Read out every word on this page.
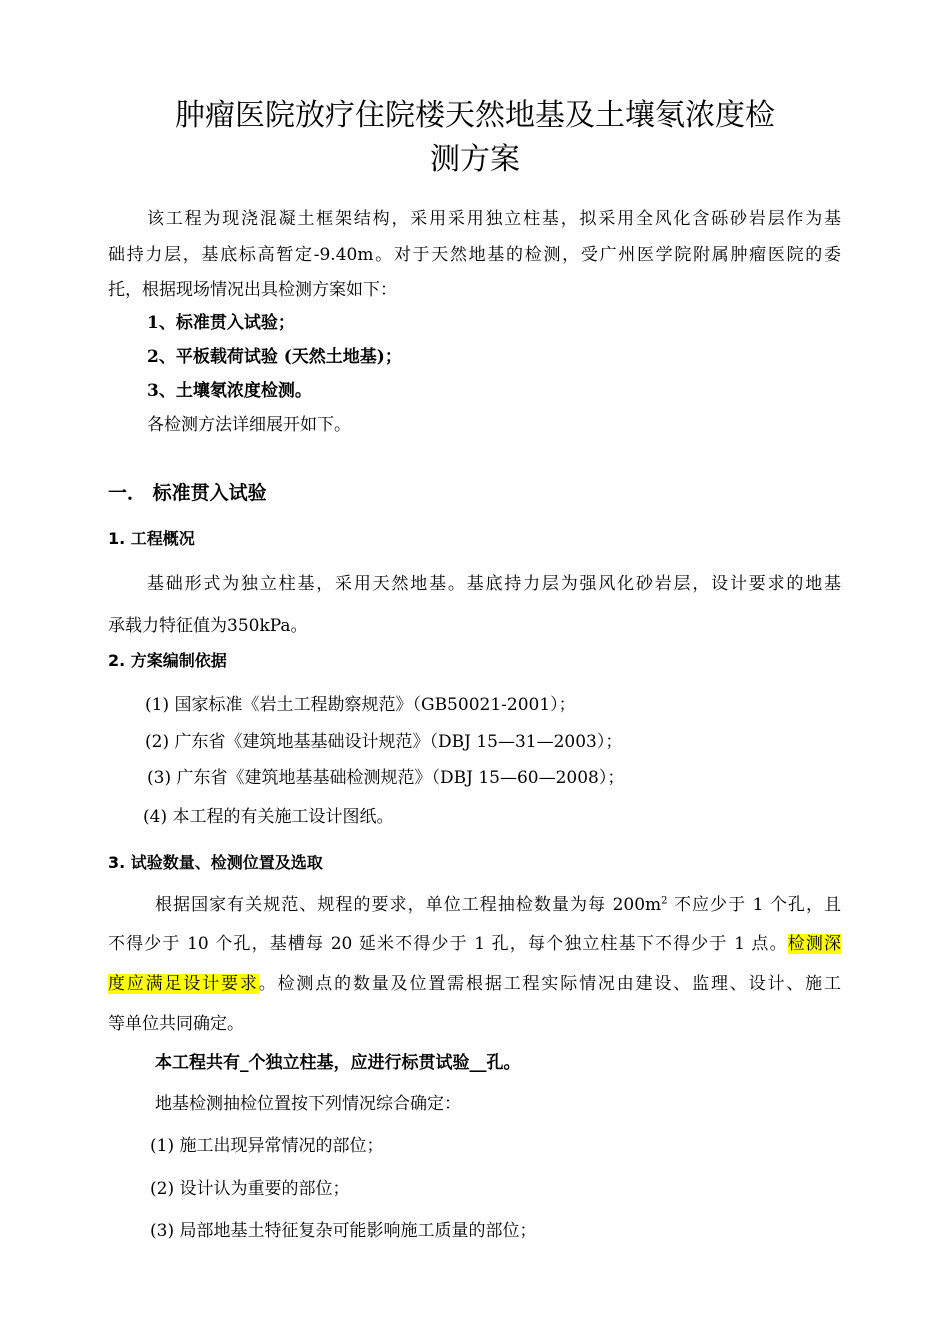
肿瘤医院放疗住院楼天然地基及土壤氡浓度检
测方案
该工程为现浇混凝土框架结构，采用采用独立柱基，拟采用全风化含砾砂岩层作为基
础持力层，基底标高暂定-9.40m。对于天然地基的检测，受广州医学院附属肿瘤医院的委
托，根据现场情况出具检测方案如下：
1、标准贯入试验；
2、平板载荷试验 (天然土地基)；
3、土壤氡浓度检测。
各检测方法详细展开如下。
一． 标准贯入试验
1. 工程概况
基础形式为独立柱基，采用天然地基。基底持力层为强风化砂岩层，设计要求的地基
承载力特征值为350kPa。
2. 方案编制依据
(1) 国家标准《岩土工程勘察规范》（GB50021-2001）；
(2) 广东省《建筑地基基础设计规范》（DBJ 15—31—2003）；
(3) 广东省《建筑地基基础检测规范》（DBJ 15—60—2008）；
(4) 本工程的有关施工设计图纸。
3. 试验数量、检测位置及选取
根据国家有关规范、规程的要求，单位工程抽检数量为每 $200m^2$ 不应少于 1 个孔，且
不得少于 10 个孔，基槽每 20 延米不得少于 1 孔，每个独立柱基下不得少于 1 点。检测深
度应满足设计要求。检测点的数量及位置需根据工程实际情况由建设、监理、设计、施工
等单位共同确定。
本工程共有_个独立柱基，应进行标贯试验__孔。
地基检测抽检位置按下列情况综合确定：
(1) 施工出现异常情况的部位；
(2) 设计认为重要的部位；
(3) 局部地基土特征复杂可能影响施工质量的部位；
